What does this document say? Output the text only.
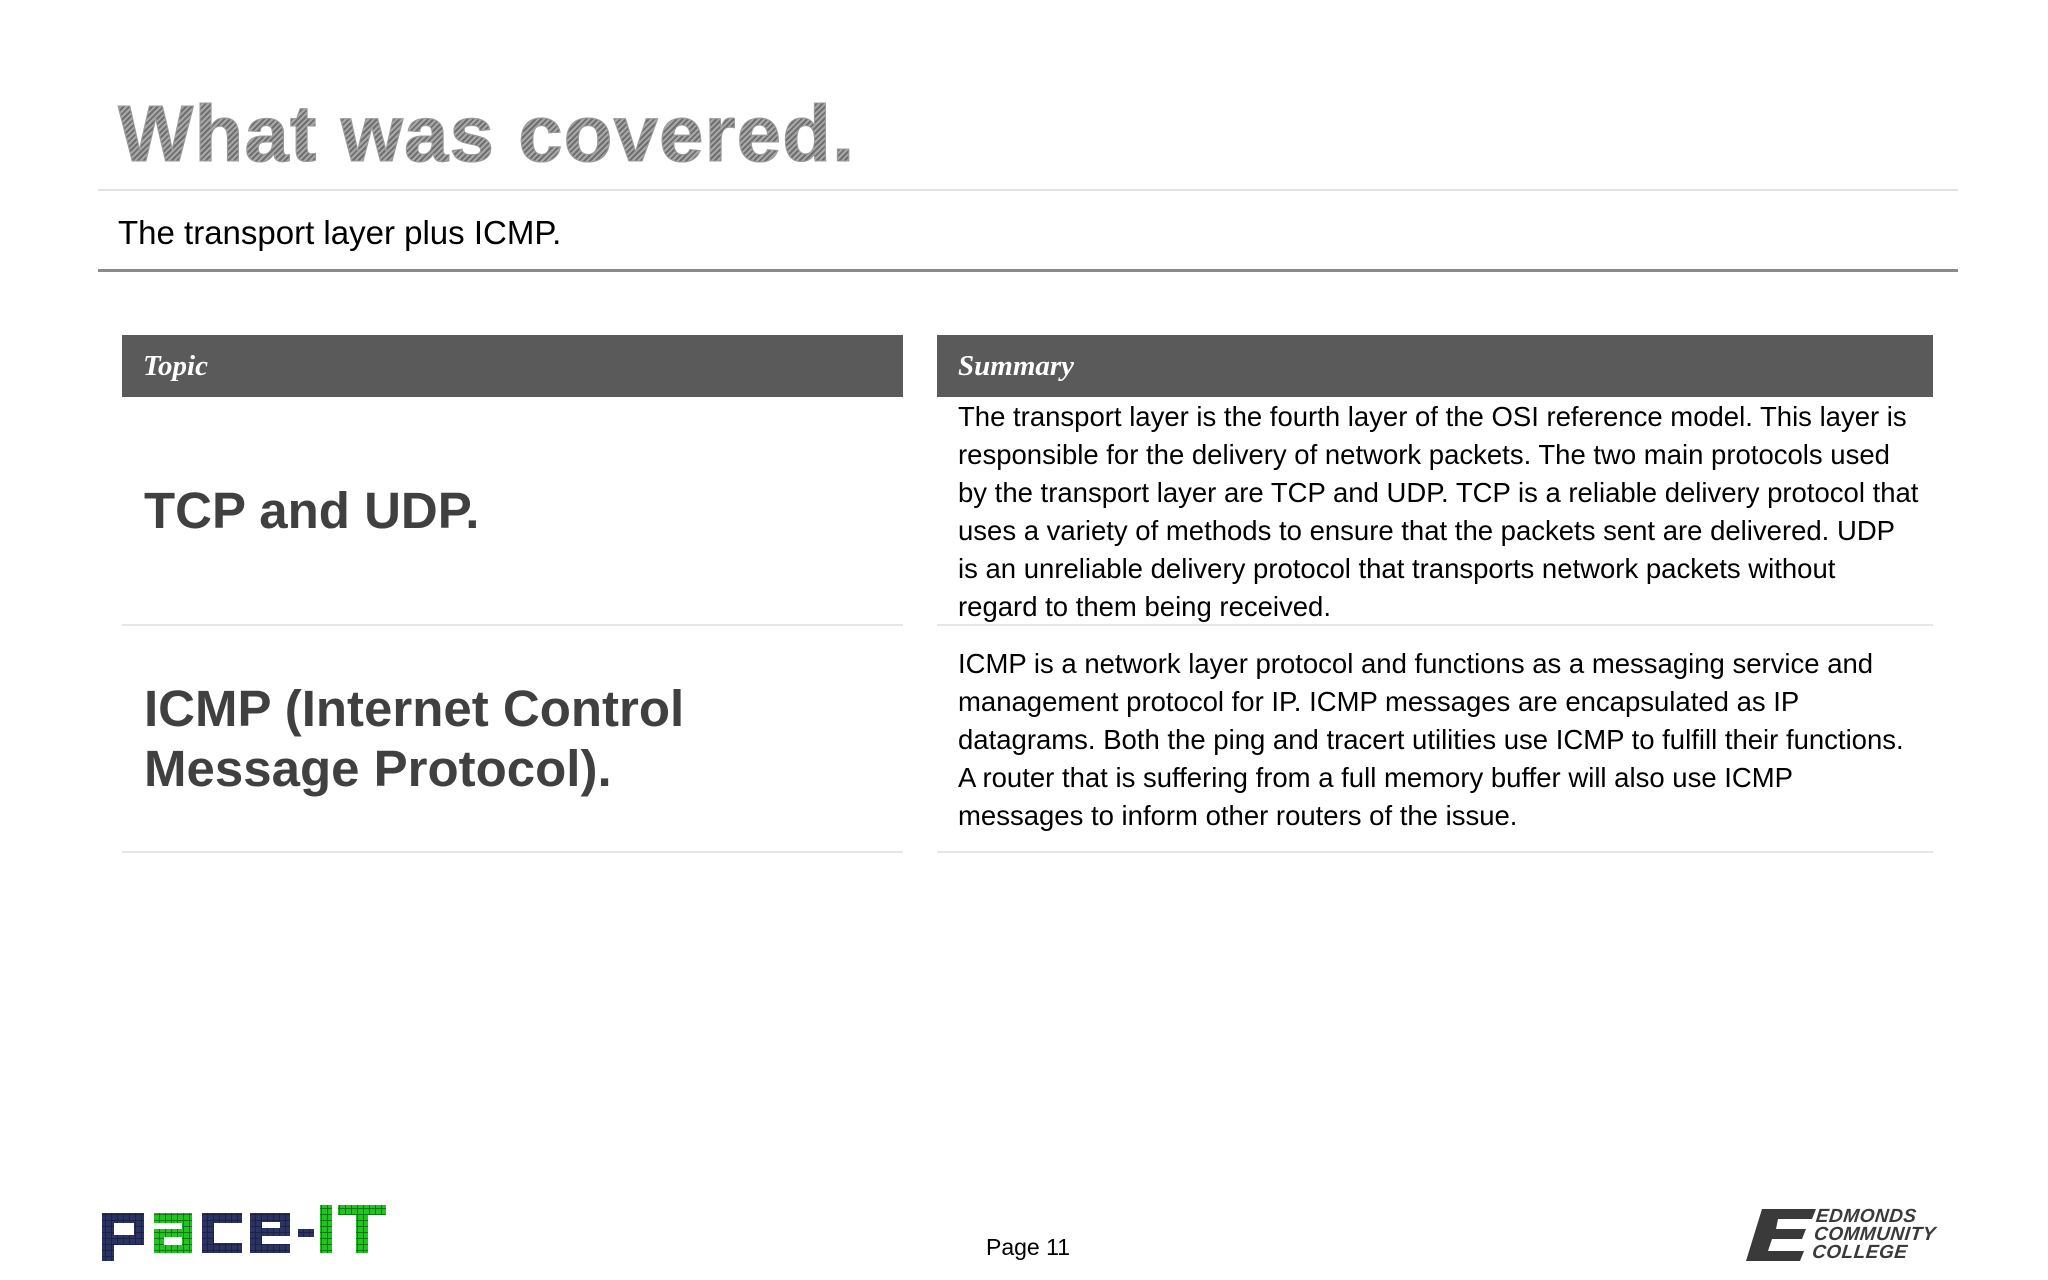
What was covered.
The transport layer plus ICMP.
Topic	Summary
TCP and UDP.
The transport layer is the fourth layer of the OSI reference model. This layer is responsible for the delivery of network packets. The two main protocols used by the transport layer are TCP and UDP. TCP is a reliable delivery protocol that uses a variety of methods to ensure that the packets sent are delivered. UDP is an unreliable delivery protocol that transports network packets without regard to them being received.
ICMP (Internet Control Message Protocol).
ICMP is a network layer protocol and functions as a messaging service and management protocol for IP. ICMP messages are encapsulated as IP datagrams. Both the ping and tracert utilities use ICMP to fulfill their functions. A router that is suffering from a full memory buffer will also use ICMP messages to inform other routers of the issue.
Page 11
EDMONDS
COMMUNITY
COLLEGE
